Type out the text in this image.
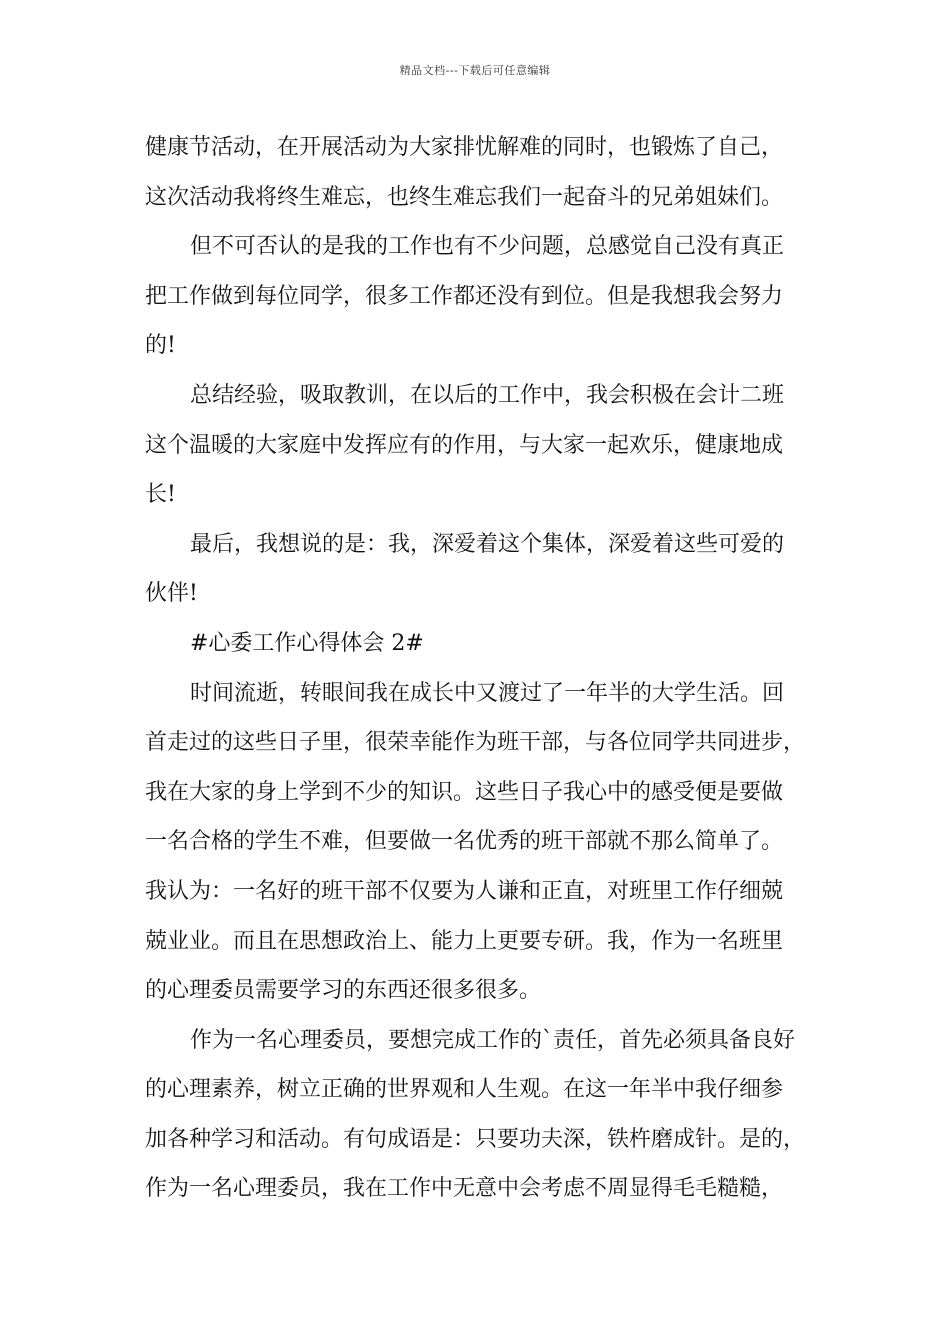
精品文档---下载后可任意编辑
健康节活动，在开展活动为大家排忧解难的同时，也锻炼了自己，
这次活动我将终生难忘，也终生难忘我们一起奋斗的兄弟姐妹们。
但不可否认的是我的工作也有不少问题，总感觉自己没有真正
把工作做到每位同学，很多工作都还没有到位。但是我想我会努力
的!
总结经验，吸取教训，在以后的工作中，我会积极在会计二班
这个温暖的大家庭中发挥应有的作用，与大家一起欢乐，健康地成
长!
最后，我想说的是：我，深爱着这个集体，深爱着这些可爱的
伙伴!
#心委工作心得体会 2#
时间流逝，转眼间我在成长中又渡过了一年半的大学生活。回
首走过的这些日子里，很荣幸能作为班干部，与各位同学共同进步，
我在大家的身上学到不少的知识。这些日子我心中的感受便是要做
一名合格的学生不难，但要做一名优秀的班干部就不那么简单了。
我认为：一名好的班干部不仅要为人谦和正直，对班里工作仔细兢
兢业业。而且在思想政治上、能力上更要专研。我，作为一名班里
的心理委员需要学习的东西还很多很多。
作为一名心理委员，要想完成工作的`责任，首先必须具备良好
的心理素养，树立正确的世界观和人生观。在这一年半中我仔细参
加各种学习和活动。有句成语是：只要功夫深，铁杵磨成针。是的，
作为一名心理委员，我在工作中无意中会考虑不周显得毛毛糙糙，
